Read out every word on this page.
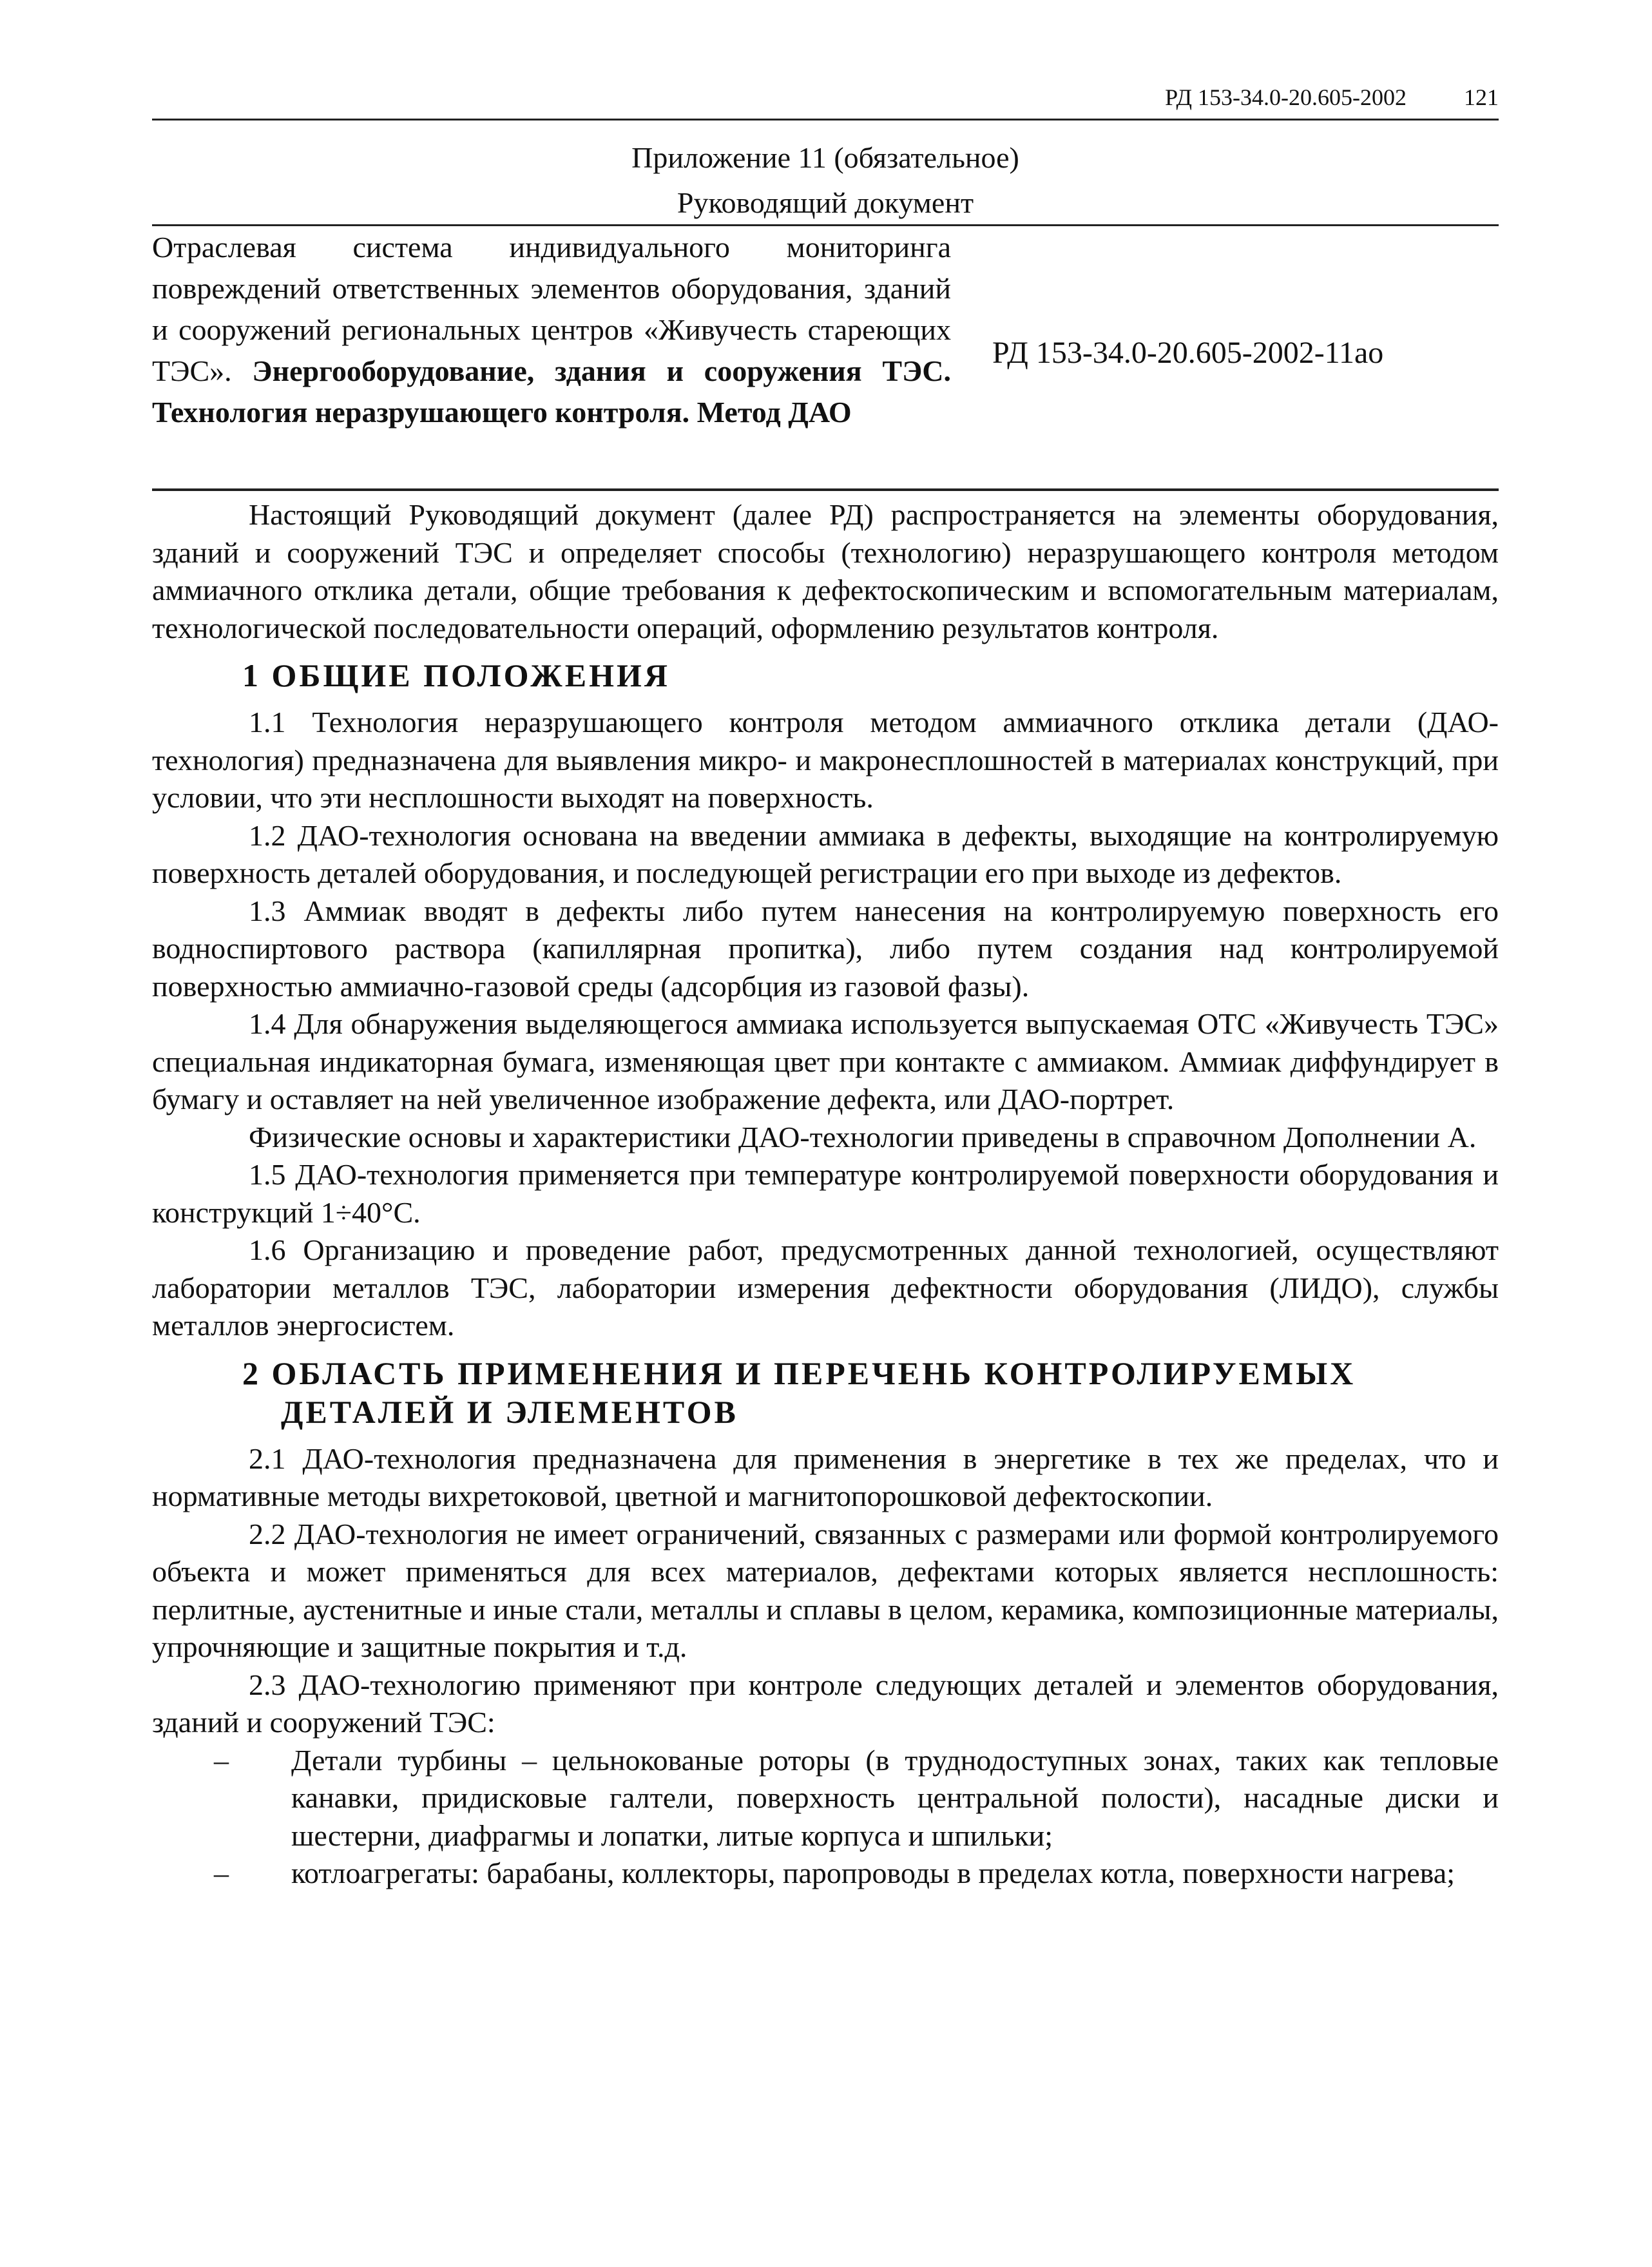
РД 153-34.0-20.605-2002 121
Приложение 11 (обязательное)
Руководящий документ
Отраслевая система индивидуального мониторинга повреждений ответственных элементов оборудования, зданий и сооружений региональных центров «Живучесть стареющих ТЭС». Энергооборудование, здания и сооружения ТЭС. Технология неразрушающего контроля. Метод ДАО
РД 153-34.0-20.605-2002-11ао

Настоящий Руководящий документ (далее РД) распространяется на элементы оборудования, зданий и сооружений ТЭС и определяет способы (технологию) неразрушающего контроля методом аммиачного отклика детали, общие требования к дефектоскопическим и вспомогательным материалам, технологической последовательности операций, оформлению результатов контроля.

1 ОБЩИЕ ПОЛОЖЕНИЯ

1.1 Технология неразрушающего контроля методом аммиачного отклика детали (ДАО-технология) предназначена для выявления микро- и макронесплошностей в материалах конструкций, при условии, что эти несплошности выходят на поверхность.

1.2 ДАО-технология основана на введении аммиака в дефекты, выходящие на контролируемую поверхность деталей оборудования, и последующей регистрации его при выходе из дефектов.

1.3 Аммиак вводят в дефекты либо путем нанесения на контролируемую поверхность его водноспиртового раствора (капиллярная пропитка), либо путем создания над контролируемой поверхностью аммиачно-газовой среды (адсорбция из газовой фазы).

1.4 Для обнаружения выделяющегося аммиака используется выпускаемая ОТС «Живучесть ТЭС» специальная индикаторная бумага, изменяющая цвет при контакте с аммиаком. Аммиак диффундирует в бумагу и оставляет на ней увеличенное изображение дефекта, или ДАО-портрет.

Физические основы и характеристики ДАО-технологии приведены в справочном Дополнении А.

1.5 ДАО-технология применяется при температуре контролируемой поверхности оборудования и конструкций 1÷40°С.

1.6 Организацию и проведение работ, предусмотренных данной технологией, осуществляют лаборатории металлов ТЭС, лаборатории измерения дефектности оборудования (ЛИДО), службы металлов энергосистем.

2 ОБЛАСТЬ ПРИМЕНЕНИЯ И ПЕРЕЧЕНЬ КОНТРОЛИРУЕМЫХ
ДЕТАЛЕЙ И ЭЛЕМЕНТОВ

2.1 ДАО-технология предназначена для применения в энергетике в тех же пределах, что и нормативные методы вихретоковой, цветной и магнитопорошковой дефектоскопии.

2.2 ДАО-технология не имеет ограничений, связанных с размерами или формой контролируемого объекта и может применяться для всех материалов, дефектами которых является несплошность: перлитные, аустенитные и иные стали, металлы и сплавы в целом, керамика, композиционные материалы, упрочняющие и защитные покрытия и т.д.

2.3 ДАО-технологию применяют при контроле следующих деталей и элементов оборудования, зданий и сооружений ТЭС:

– Детали турбины – цельнокованые роторы (в труднодоступных зонах, таких как тепловые канавки, придисковые галтели, поверхность центральной полости), насадные диски и шестерни, диафрагмы и лопатки, литые корпуса и шпильки;
– котлоагрегаты: барабаны, коллекторы, паропроводы в пределах котла, поверхности нагрева;
